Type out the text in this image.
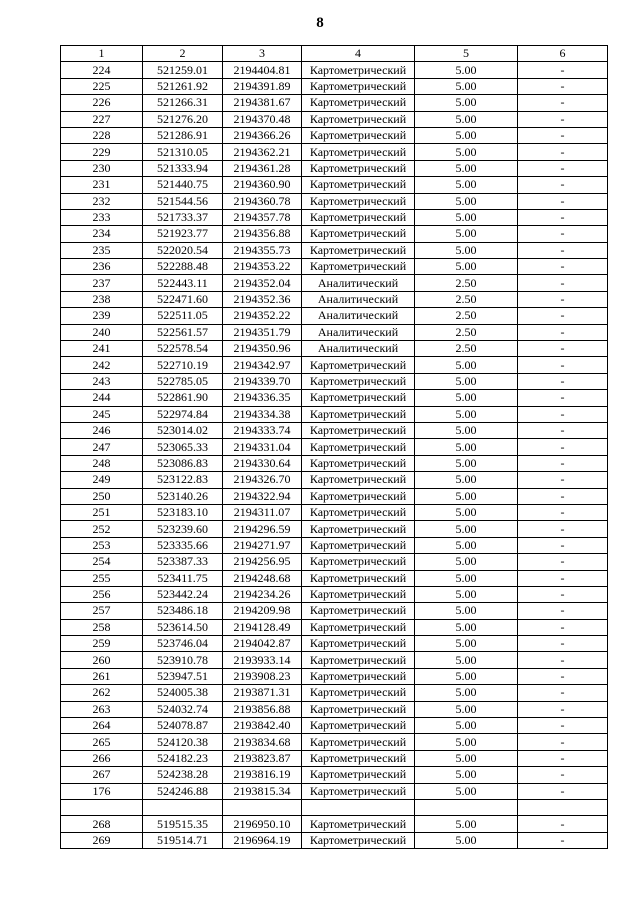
8
1	2	3	4	5	6
224	521259.01	2194404.81	Картометрический	5.00	-
225	521261.92	2194391.89	Картометрический	5.00	-
226	521266.31	2194381.67	Картометрический	5.00	-
227	521276.20	2194370.48	Картометрический	5.00	-
228	521286.91	2194366.26	Картометрический	5.00	-
229	521310.05	2194362.21	Картометрический	5.00	-
230	521333.94	2194361.28	Картометрический	5.00	-
231	521440.75	2194360.90	Картометрический	5.00	-
232	521544.56	2194360.78	Картометрический	5.00	-
233	521733.37	2194357.78	Картометрический	5.00	-
234	521923.77	2194356.88	Картометрический	5.00	-
235	522020.54	2194355.73	Картометрический	5.00	-
236	522288.48	2194353.22	Картометрический	5.00	-
237	522443.11	2194352.04	Аналитический	2.50	-
238	522471.60	2194352.36	Аналитический	2.50	-
239	522511.05	2194352.22	Аналитический	2.50	-
240	522561.57	2194351.79	Аналитический	2.50	-
241	522578.54	2194350.96	Аналитический	2.50	-
242	522710.19	2194342.97	Картометрический	5.00	-
243	522785.05	2194339.70	Картометрический	5.00	-
244	522861.90	2194336.35	Картометрический	5.00	-
245	522974.84	2194334.38	Картометрический	5.00	-
246	523014.02	2194333.74	Картометрический	5.00	-
247	523065.33	2194331.04	Картометрический	5.00	-
248	523086.83	2194330.64	Картометрический	5.00	-
249	523122.83	2194326.70	Картометрический	5.00	-
250	523140.26	2194322.94	Картометрический	5.00	-
251	523183.10	2194311.07	Картометрический	5.00	-
252	523239.60	2194296.59	Картометрический	5.00	-
253	523335.66	2194271.97	Картометрический	5.00	-
254	523387.33	2194256.95	Картометрический	5.00	-
255	523411.75	2194248.68	Картометрический	5.00	-
256	523442.24	2194234.26	Картометрический	5.00	-
257	523486.18	2194209.98	Картометрический	5.00	-
258	523614.50	2194128.49	Картометрический	5.00	-
259	523746.04	2194042.87	Картометрический	5.00	-
260	523910.78	2193933.14	Картометрический	5.00	-
261	523947.51	2193908.23	Картометрический	5.00	-
262	524005.38	2193871.31	Картометрический	5.00	-
263	524032.74	2193856.88	Картометрический	5.00	-
264	524078.87	2193842.40	Картометрический	5.00	-
265	524120.38	2193834.68	Картометрический	5.00	-
266	524182.23	2193823.87	Картометрический	5.00	-
267	524238.28	2193816.19	Картометрический	5.00	-
176	524246.88	2193815.34	Картометрический	5.00	-

268	519515.35	2196950.10	Картометрический	5.00	-
269	519514.71	2196964.19	Картометрический	5.00	-
